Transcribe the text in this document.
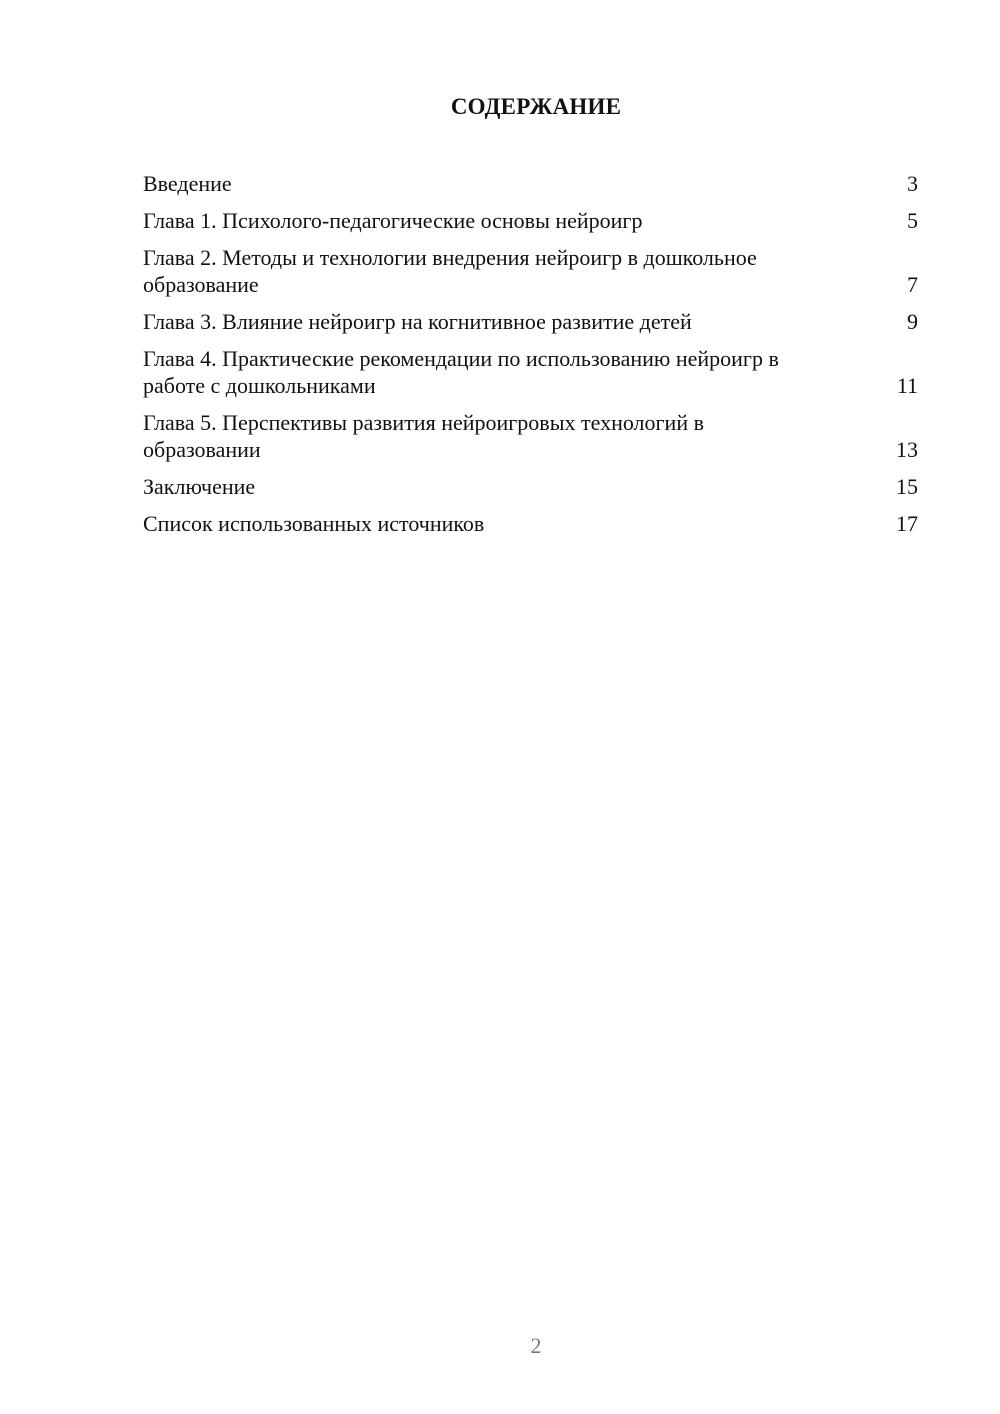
СОДЕРЖАНИЕ
Введение	3
Глава 1. Психолого-педагогические основы нейроигр	5
Глава 2. Методы и технологии внедрения нейроигр в дошкольное образование	7
Глава 3. Влияние нейроигр на когнитивное развитие детей	9
Глава 4. Практические рекомендации по использованию нейроигр в работе с дошкольниками	11
Глава 5. Перспективы развития нейроигровых технологий в образовании	13
Заключение	15
Список использованных источников	17
2
